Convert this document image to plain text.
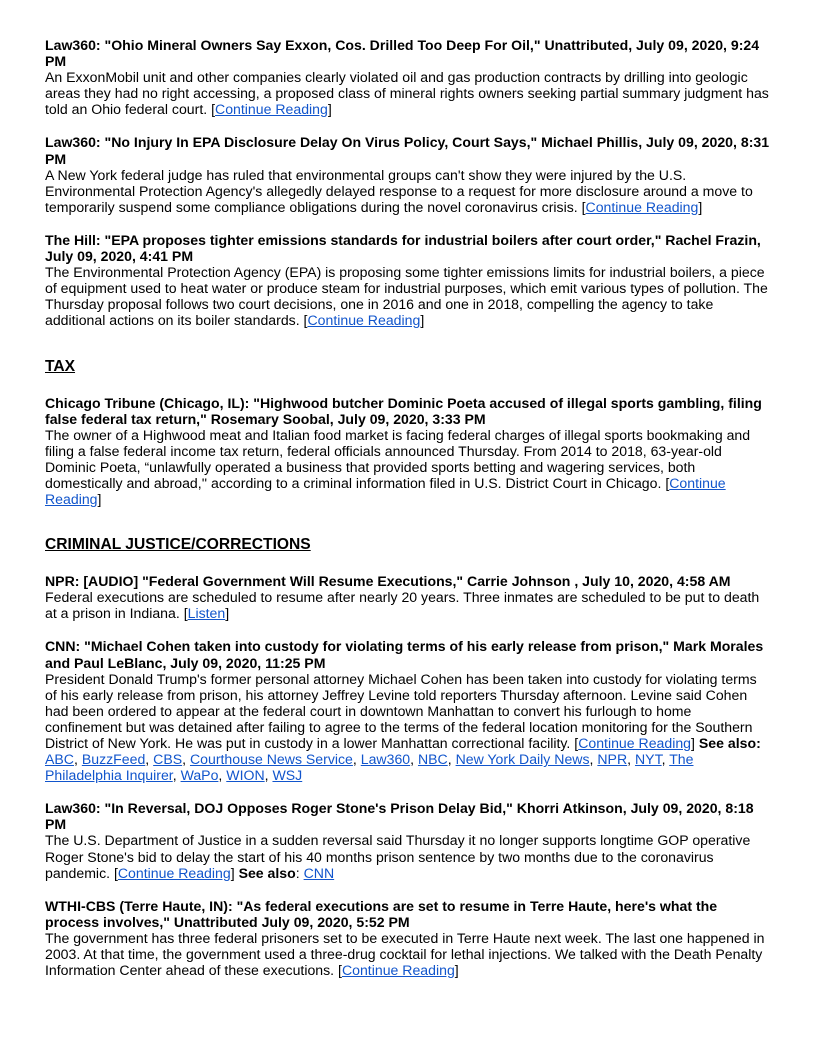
Law360: "Ohio Mineral Owners Say Exxon, Cos. Drilled Too Deep For Oil," Unattributed, July 09, 2020, 9:24 PM

An ExxonMobil unit and other companies clearly violated oil and gas production contracts by drilling into geologic areas they had no right accessing, a proposed class of mineral rights owners seeking partial summary judgment has told an Ohio federal court. [Continue Reading]

Law360: "No Injury In EPA Disclosure Delay On Virus Policy, Court Says," Michael Phillis, July 09, 2020, 8:31 PM

A New York federal judge has ruled that environmental groups can't show they were injured by the U.S. Environmental Protection Agency's allegedly delayed response to a request for more disclosure around a move to temporarily suspend some compliance obligations during the novel coronavirus crisis. [Continue Reading]

The Hill: "EPA proposes tighter emissions standards for industrial boilers after court order," Rachel Frazin, July 09, 2020, 4:41 PM

The Environmental Protection Agency (EPA) is proposing some tighter emissions limits for industrial boilers, a piece of equipment used to heat water or produce steam for industrial purposes, which emit various types of pollution. The Thursday proposal follows two court decisions, one in 2016 and one in 2018, compelling the agency to take additional actions on its boiler standards. [Continue Reading]

TAX

Chicago Tribune (Chicago, IL): "Highwood butcher Dominic Poeta accused of illegal sports gambling, filing false federal tax return," Rosemary Soobal, July 09, 2020, 3:33 PM

The owner of a Highwood meat and Italian food market is facing federal charges of illegal sports bookmaking and filing a false federal income tax return, federal officials announced Thursday. From 2014 to 2018, 63-year-old Dominic Poeta, “unlawfully operated a business that provided sports betting and wagering services, both domestically and abroad,'' according to a criminal information filed in U.S. District Court in Chicago. [Continue Reading]

CRIMINAL JUSTICE/CORRECTIONS

NPR: [AUDIO] "Federal Government Will Resume Executions," Carrie Johnson , July 10, 2020, 4:58 AM

Federal executions are scheduled to resume after nearly 20 years. Three inmates are scheduled to be put to death at a prison in Indiana. [Listen]

CNN: "Michael Cohen taken into custody for violating terms of his early release from prison," Mark Morales and Paul LeBlanc, July 09, 2020, 11:25 PM

President Donald Trump's former personal attorney Michael Cohen has been taken into custody for violating terms of his early release from prison, his attorney Jeffrey Levine told reporters Thursday afternoon. Levine said Cohen had been ordered to appear at the federal court in downtown Manhattan to convert his furlough to home confinement but was detained after failing to agree to the terms of the federal location monitoring for the Southern District of New York. He was put in custody in a lower Manhattan correctional facility. [Continue Reading] See also: ABC, BuzzFeed, CBS, Courthouse News Service, Law360, NBC, New York Daily News, NPR, NYT, The Philadelphia Inquirer, WaPo, WION, WSJ

Law360: "In Reversal, DOJ Opposes Roger Stone's Prison Delay Bid," Khorri Atkinson, July 09, 2020, 8:18 PM

The U.S. Department of Justice in a sudden reversal said Thursday it no longer supports longtime GOP operative Roger Stone's bid to delay the start of his 40 months prison sentence by two months due to the coronavirus pandemic. [Continue Reading] See also: CNN

WTHI-CBS (Terre Haute, IN): "As federal executions are set to resume in Terre Haute, here's what the process involves," Unattributed July 09, 2020, 5:52 PM

The government has three federal prisoners set to be executed in Terre Haute next week. The last one happened in 2003. At that time, the government used a three-drug cocktail for lethal injections. We talked with the Death Penalty Information Center ahead of these executions. [Continue Reading]
